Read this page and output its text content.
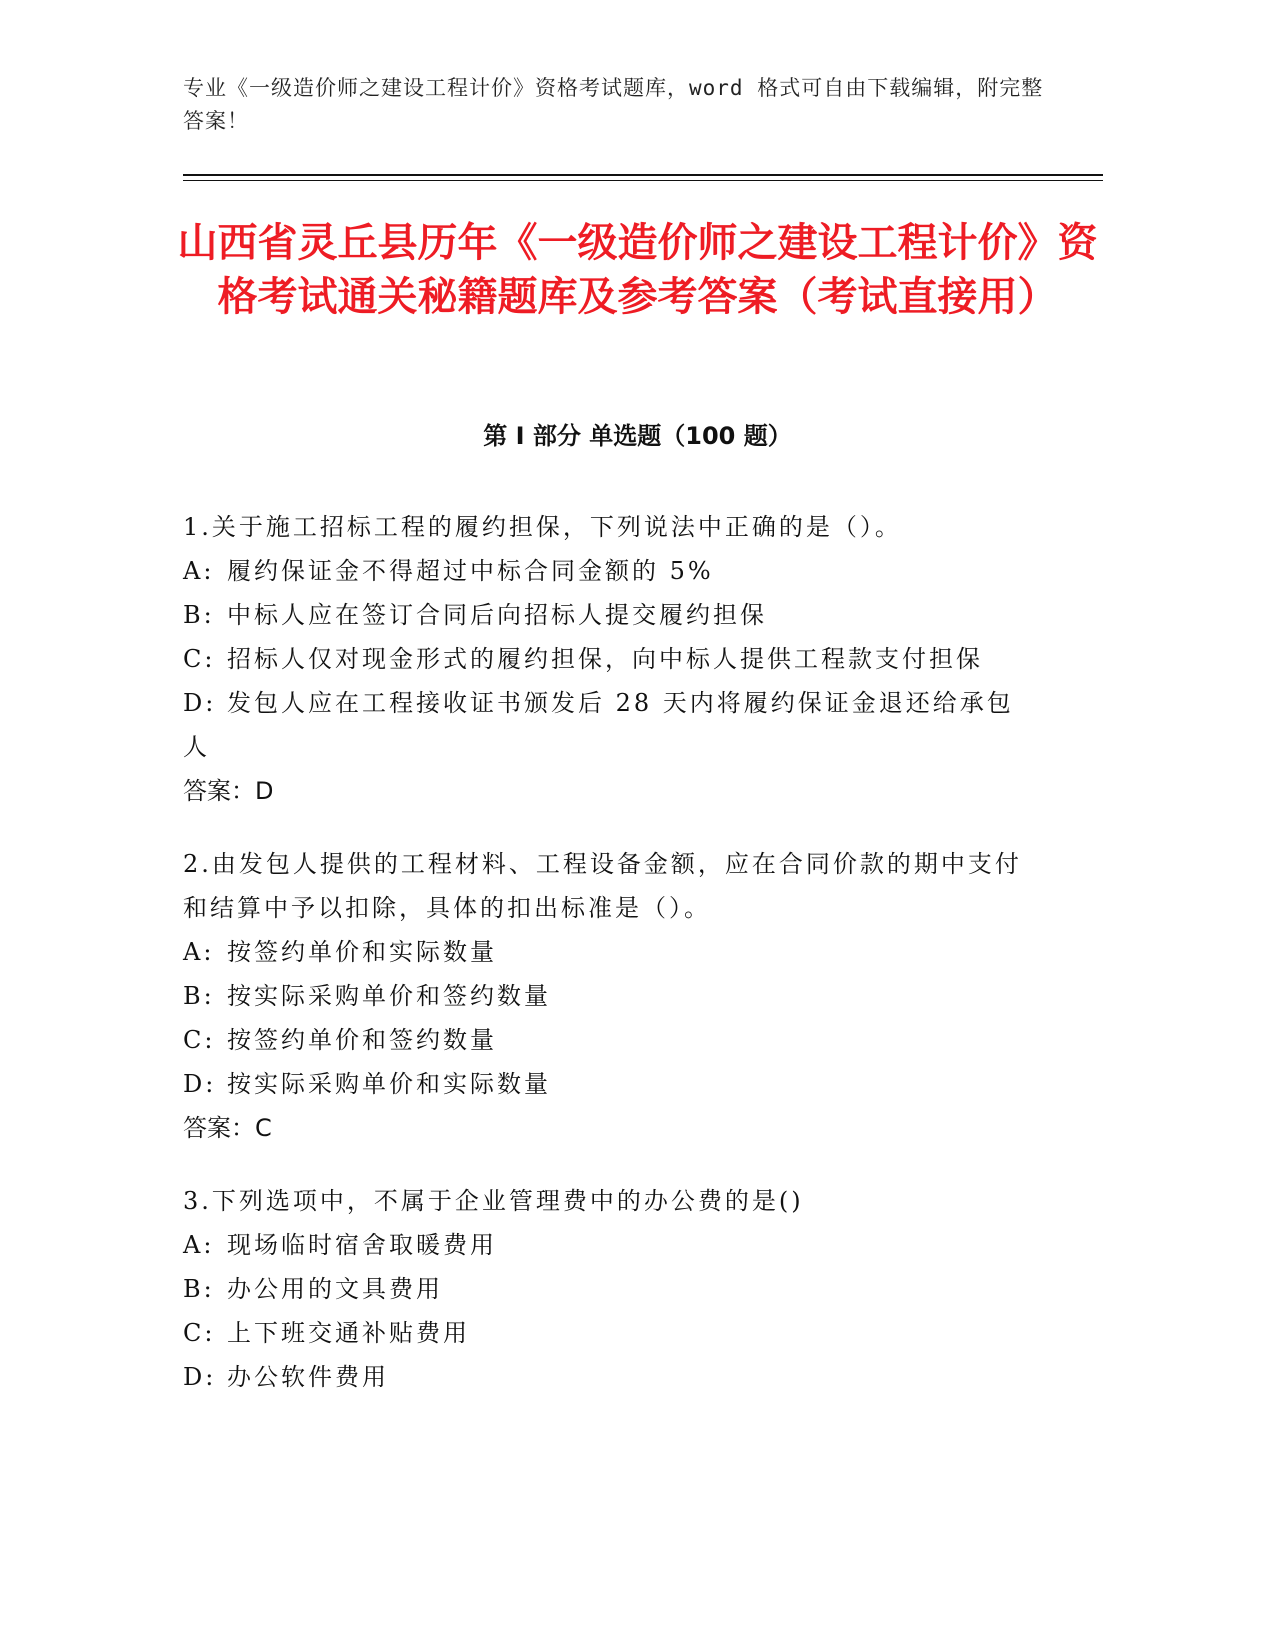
专业《一级造价师之建设工程计价》资格考试题库，word 格式可自由下载编辑，附完整答案！
山西省灵丘县历年《一级造价师之建设工程计价》资格考试通关秘籍题库及参考答案（考试直接用）
第 I 部分 单选题（100 题）

1.关于施工招标工程的履约担保，下列说法中正确的是（）。

A: 履约保证金不得超过中标合同金额的 5%

B: 中标人应在签订合同后向招标人提交履约担保

C: 招标人仅对现金形式的履约担保，向中标人提供工程款支付担保

D: 发包人应在工程接收证书颁发后 28 天内将履约保证金退还给承包人

答案：D

2.由发包人提供的工程材料、工程设备金额，应在合同价款的期中支付和结算中予以扣除，具体的扣出标准是（）。

A: 按签约单价和实际数量

B: 按实际采购单价和签约数量

C: 按签约单价和签约数量

D: 按实际采购单价和实际数量

答案：C

3.下列选项中，不属于企业管理费中的办公费的是()

A: 现场临时宿舍取暖费用

B: 办公用的文具费用

C: 上下班交通补贴费用

D: 办公软件费用
